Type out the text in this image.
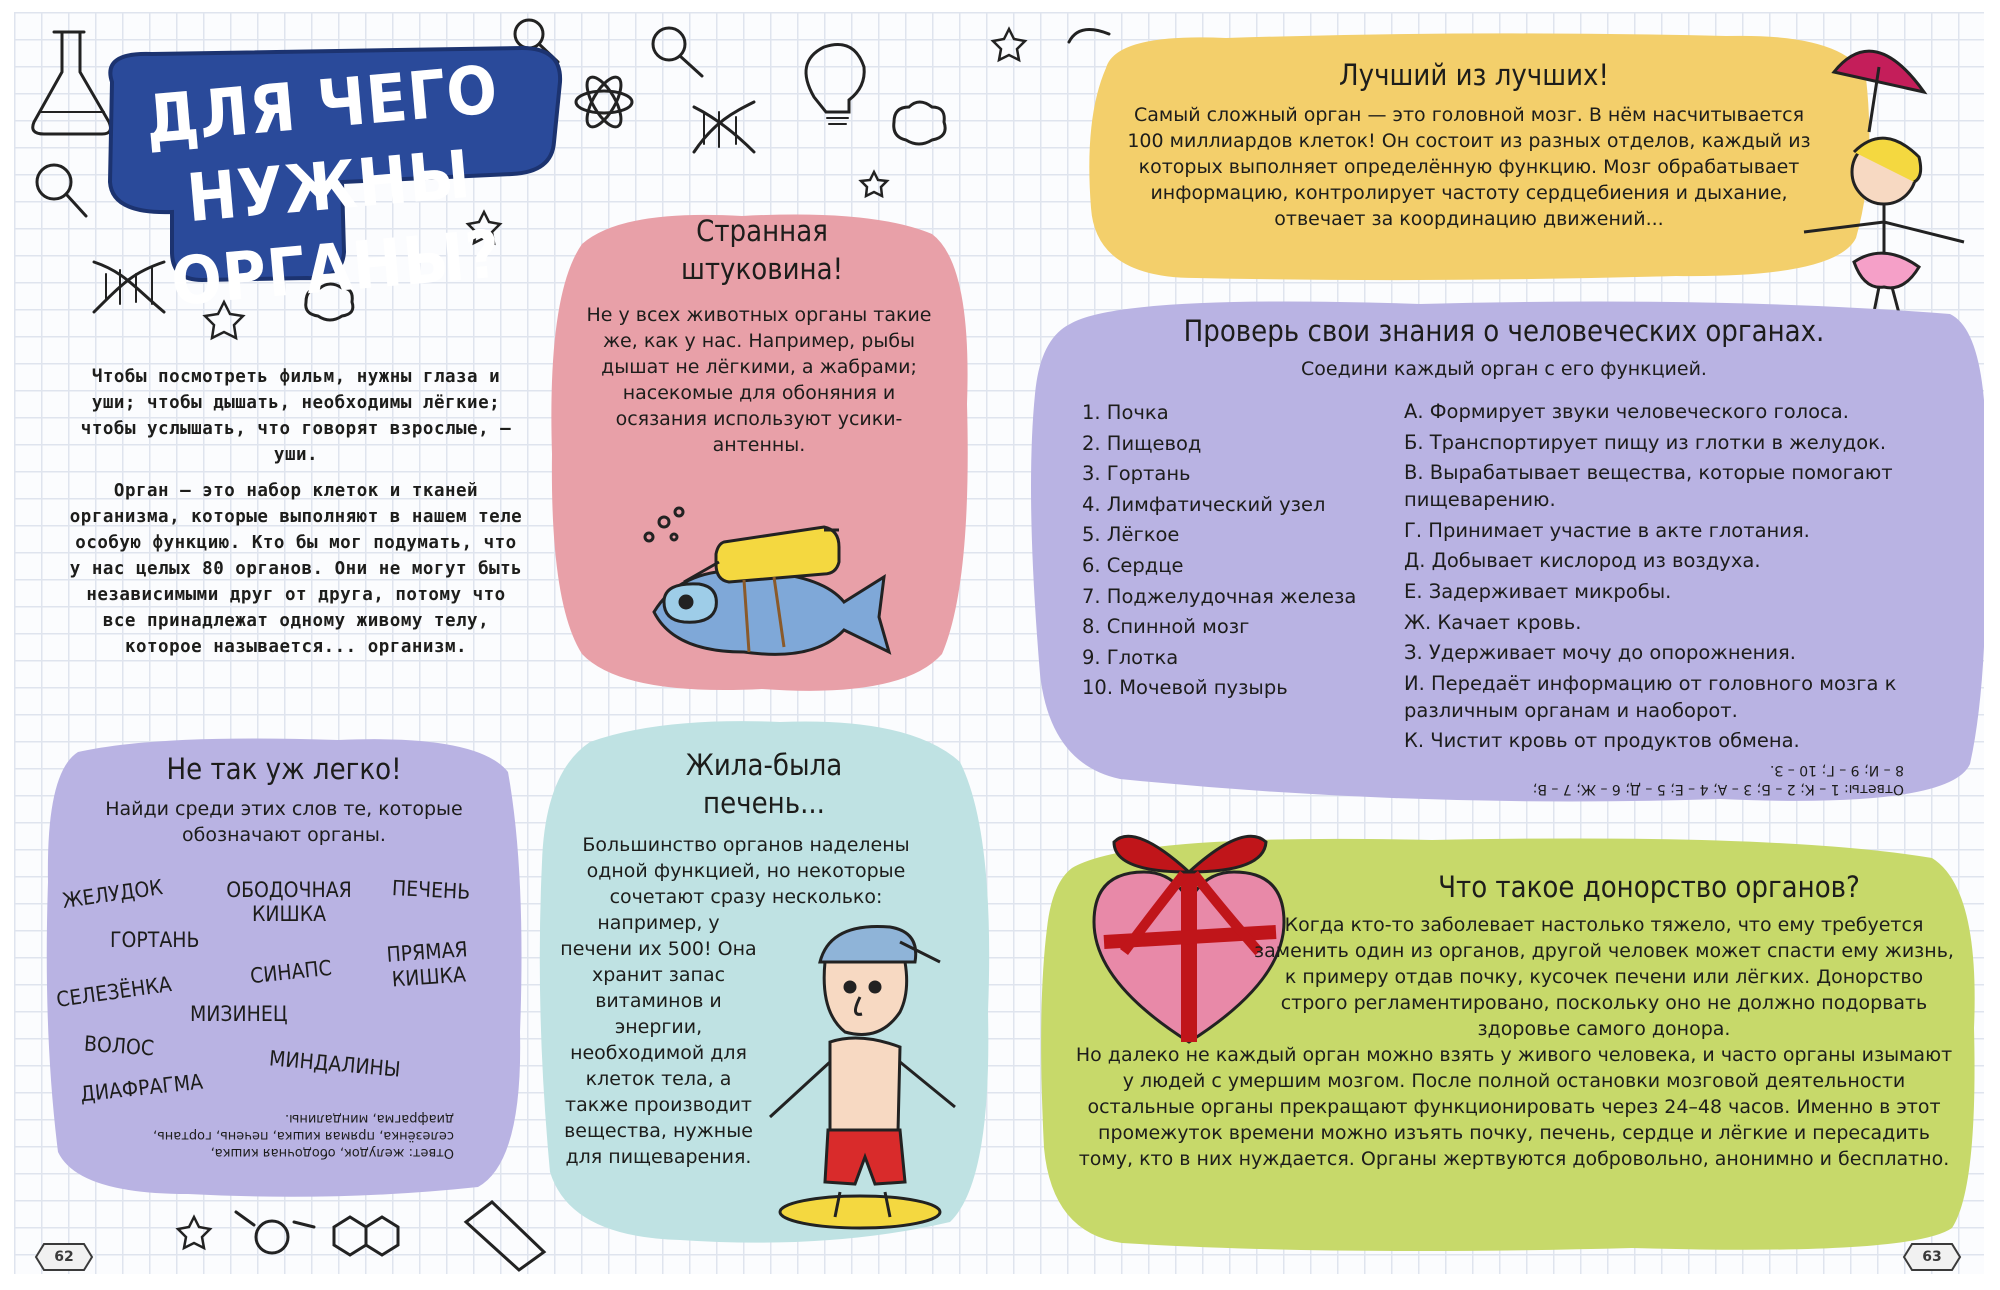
ДЛЯ ЧЕГО НУЖНЫ ОРГАНЫ?

Чтобы посмотреть фильм, нужны глаза и уши; чтобы дышать, необходимы лёгкие; чтобы услышать, что говорят взрослые, — уши.

Орган — это набор клеток и тканей организма, которые выполняют в нашем теле особую функцию. Кто бы мог подумать, что у нас целых 80 органов. Они не могут быть независимыми друг от друга, потому что все принадлежат одному живому телу, которое называется... организм.

Странная
штуковина!
Не у всех животных органы такие же, как у нас. Например, рыбы дышат не лёгкими, а жабрами; насекомые для обоняния и осязания используют усики-антенны.
Лучший из лучших!
Самый сложный орган — это головной мозг. В нём насчитывается 100 миллиардов клеток! Он состоит из разных отделов, каждый из которых выполняет определённую функцию. Мозг обрабатывает информацию, контролирует частоту сердцебиения и дыхание, отвечает за координацию движений...
Проверь свои знания о человеческих органах.
Соедини каждый орган с его функцией.
1. Почка
2. Пищевод
3. Гортань
4. Лимфатический узел
5. Лёгкое
6. Сердце
7. Поджелудочная железа
8. Спинной мозг
9. Глотка
10. Мочевой пузырь
А. Формирует звуки человеческого голоса.
Б. Транспортирует пищу из глотки в желудок.
В. Вырабатывает вещества, которые помогают пищеварению.
Г. Принимает участие в акте глотания.
Д. Добывает кислород из воздуха.
Е. Задерживает микробы.
Ж. Качает кровь.
З. Удерживает мочу до опорожнения.
И. Передаёт информацию от головного мозга к различным органам и наоборот.
К. Чистит кровь от продуктов обмена.
Ответы: 1 – К; 2 – Б; 3 – А; 4 – Е; 5 – Д; 6 – Ж; 7 – В;
8 – И; 9 – Г; 10 – З.
Не так уж легко!
Найди среди этих слов те, которые обозначают органы.
ЖЕЛУДОК	ОБОДОЧНАЯ КИШКА
ПЕЧЕНЬ
ГОРТАНЬ
СЕЛЕЗЁНКА
СИНАПС
ПРЯМАЯ КИШКА
МИЗИНЕЦ
ВОЛОС
МИНДАЛИНЫ
ДИАФРАГМА
Ответ: желудок, ободочная кишка,
селезёнка, прямая кишка, печень, гортань,
диафрагма, миндалины.
Жила-была
печень...
Большинство органов наделены одной функцией, но некоторые сочетают сразу несколько: например, у печени их 500! Она хранит запас витаминов и энергии, необходимой для клеток тела, а также производит вещества, нужные для пищеварения.
Что такое донорство органов?
Когда кто-то заболевает настолько тяжело, что ему требуется заменить один из органов, другой человек может спасти ему жизнь, к примеру отдав почку, кусочек печени или лёгких. Донорство строго регламентировано, поскольку оно не должно подорвать здоровье самого донора.
Но далеко не каждый орган можно взять у живого человека, и часто органы изымают у людей с умершим мозгом. После полной остановки мозговой деятельности остальные органы прекращают функционировать через 24–48 часов. Именно в этот промежуток времени можно изъять почку, печень, сердце и лёгкие и пересадить тому, кто в них нуждается. Органы жертвуются добровольно, анонимно и бесплатно.
62	63
